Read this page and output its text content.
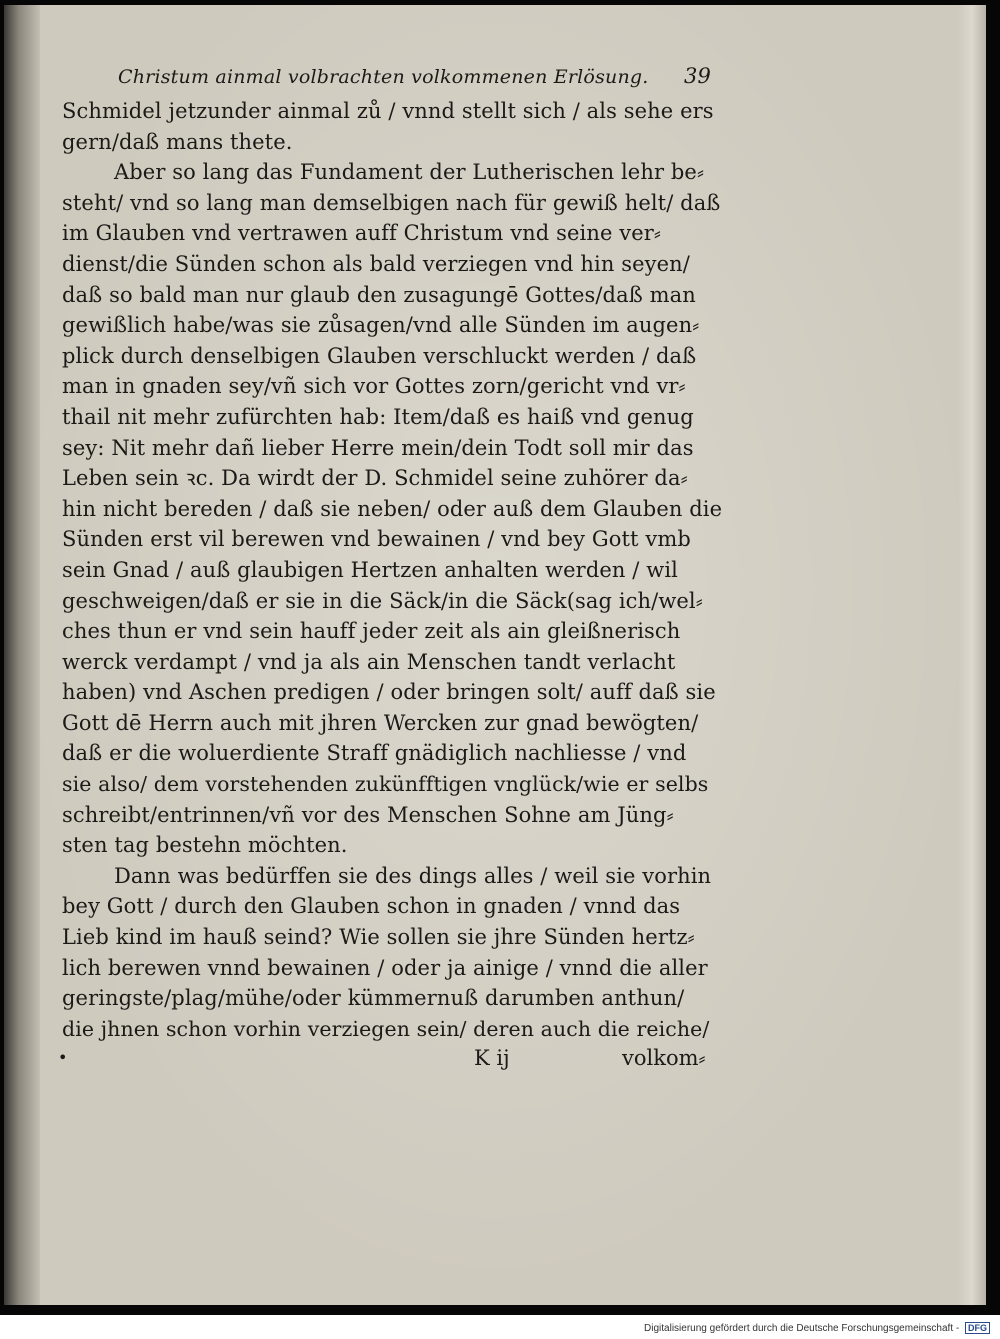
Christum ainmal volbrachten volkommenen Erlösung. 39
Schmidel jetzunder ainmal zů / vnnd stellt sich / als sehe ers
gern/daß mans thete.
Aber so lang das Fundament der Lutherischen lehr be⸗
steht/ vnd so lang man demselbigen nach für gewiß helt/ daß
im Glauben vnd vertrawen auff Christum vnd seine ver⸗
dienst/die Sünden schon als bald verziegen vnd hin seyen/
daß so bald man nur glaub den zusagungē Gottes/daß man
gewißlich habe/was sie zůsagen/vnd alle Sünden im augen⸗
plick durch denselbigen Glauben verschluckt werden / daß
man in gnaden sey/vñ sich vor Gottes zorn/gericht vnd vr⸗
thail nit mehr zufürchten hab: Item/daß es haiß vnd genug
sey: Nit mehr dañ lieber Herre mein/dein Todt soll mir das
Leben sein ꝛc. Da wirdt der D. Schmidel seine zuhörer da⸗
hin nicht bereden / daß sie neben/ oder auß dem Glauben die
Sünden erst vil berewen vnd bewainen / vnd bey Gott vmb
sein Gnad / auß glaubigen Hertzen anhalten werden / wil
geschweigen/daß er sie in die Säck/in die Säck(sag ich/wel⸗
ches thun er vnd sein hauff jeder zeit als ain gleißnerisch
werck verdampt / vnd ja als ain Menschen tandt verlacht
haben) vnd Aschen predigen / oder bringen solt/ auff daß sie
Gott dē Herrn auch mit jhren Wercken zur gnad bewögten/
daß er die woluerdiente Straff gnädiglich nachliesse / vnd
sie also/ dem vorstehenden zukünfftigen vnglück/wie er selbs
schreibt/entrinnen/vñ vor des Menschen Sohne am Jüng⸗
sten tag bestehn möchten.
Dann was bedürffen sie des dings alles / weil sie vorhin
bey Gott / durch den Glauben schon in gnaden / vnnd das
Lieb kind im hauß seind? Wie sollen sie jhre Sünden hertz⸗
lich berewen vnnd bewainen / oder ja ainige / vnnd die aller
geringste/plag/mühe/oder kümmernuß darumben anthun/
die jhnen schon vorhin verziegen sein/ deren auch die reiche/
•	K ij	volkom⸗
Digitalisierung gefördert durch die Deutsche Forschungsgemeinschaft - DFG
